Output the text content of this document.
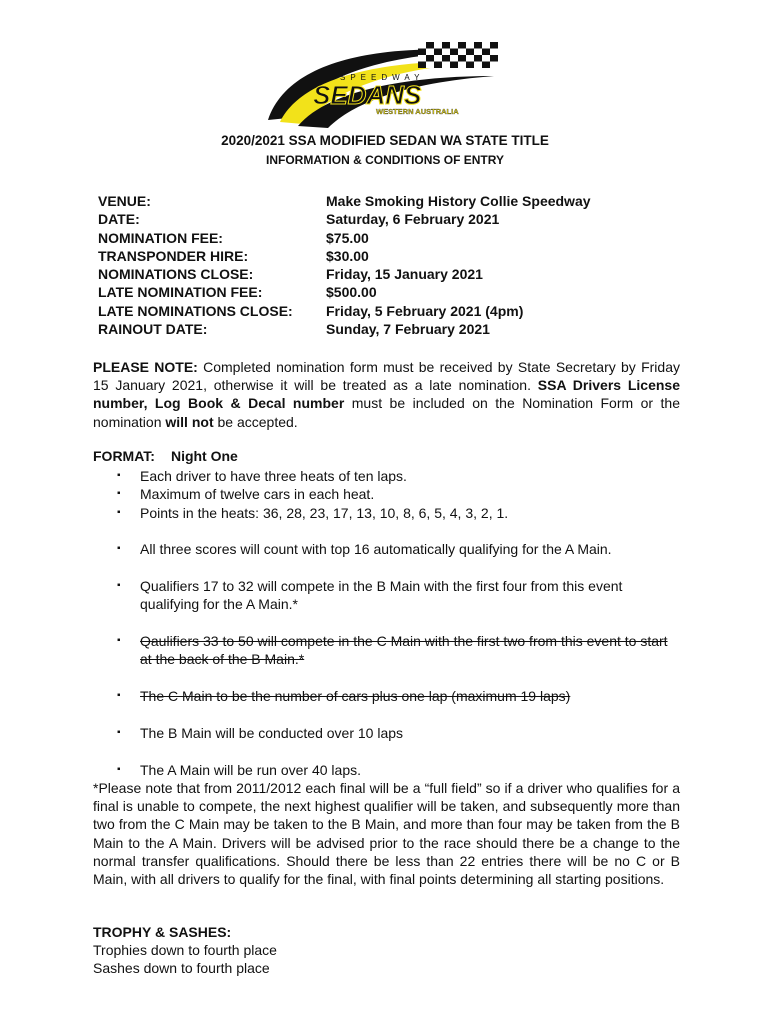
SPEEDWAY
SEDANS
WESTERN AUSTRALIA
2020/2021 SSA MODIFIED SEDAN WA STATE TITLE
INFORMATION & CONDITIONS OF ENTRY
VENUE:	Make Smoking History Collie Speedway
DATE:	Saturday, 6 February 2021
NOMINATION FEE:	$75.00
TRANSPONDER HIRE:	$30.00
NOMINATIONS CLOSE:	Friday, 15 January 2021
LATE NOMINATION FEE:	$500.00
LATE NOMINATIONS CLOSE:	Friday, 5 February 2021 (4pm)
RAINOUT DATE:	Sunday, 7 February 2021
PLEASE NOTE: Completed nomination form must be received by State Secretary by Friday 15 January 2021, otherwise it will be treated as a late nomination. SSA Drivers License number, Log Book & Decal number must be included on the Nomination Form or the nomination will not be accepted.
FORMAT: Night One
▪ Each driver to have three heats of ten laps.
▪ Maximum of twelve cars in each heat.
▪ Points in the heats: 36, 28, 23, 17, 13, 10, 8, 6, 5, 4, 3, 2, 1.
▪ All three scores will count with top 16 automatically qualifying for the A Main.
▪ Qualifiers 17 to 32 will compete in the B Main with the first four from this event qualifying for the A Main.*
▪ Qaulifiers 33 to 50 will compete in the C Main with the first two from this event to start at the back of the B Main.*
▪ The C Main to be the number of cars plus one lap (maximum 19 laps)
▪ The B Main will be conducted over 10 laps
▪ The A Main will be run over 40 laps.
*Please note that from 2011/2012 each final will be a “full field” so if a driver who qualifies for a final is unable to compete, the next highest qualifier will be taken, and subsequently more than two from the C Main may be taken to the B Main, and more than four may be taken from the B Main to the A Main. Drivers will be advised prior to the race should there be a change to the normal transfer qualifications. Should there be less than 22 entries there will be no C or B Main, with all drivers to qualify for the final, with final points determining all starting positions.
TROPHY & SASHES:
Trophies down to fourth place
Sashes down to fourth place
